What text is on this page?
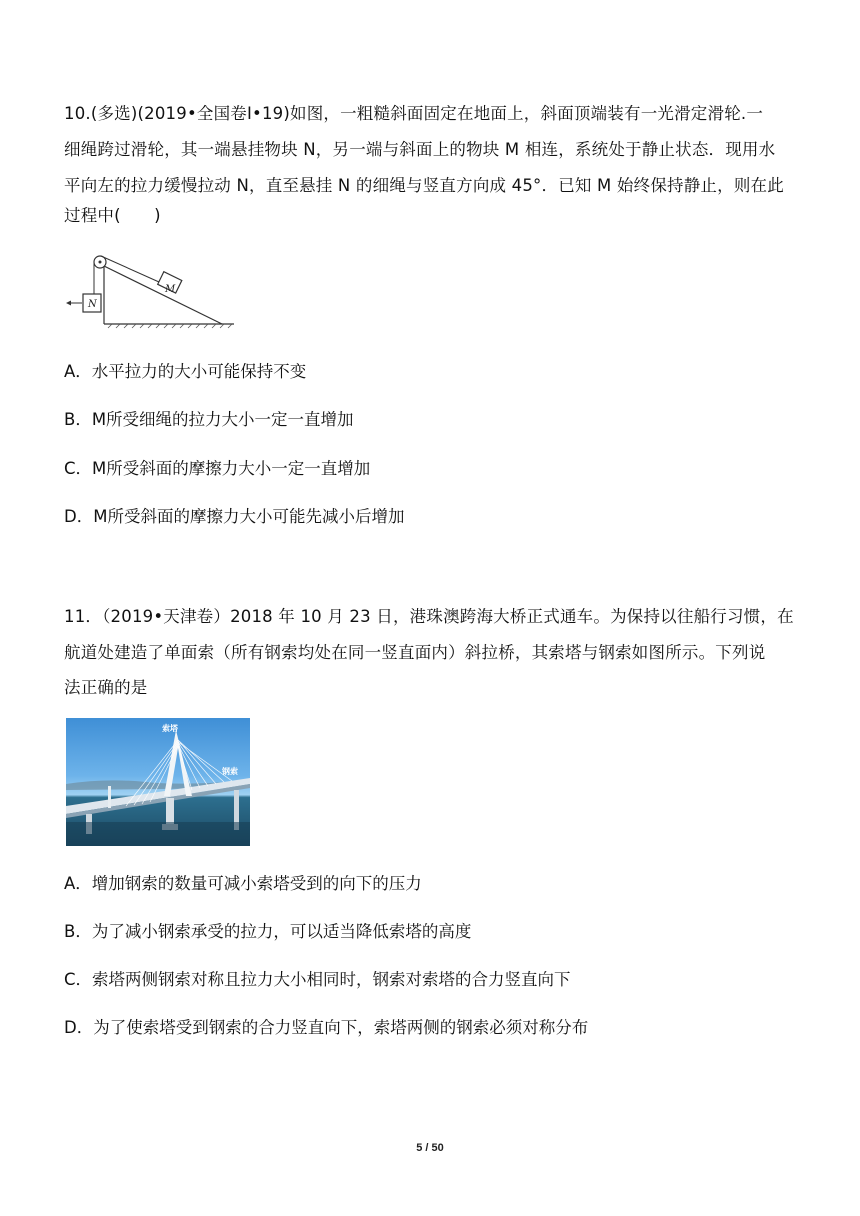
10.(多选)(2019•全国卷Ⅰ•19)如图，一粗糙斜面固定在地面上，斜面顶端装有一光滑定滑轮.一
细绳跨过滑轮，其一端悬挂物块 N，另一端与斜面上的物块 M 相连，系统处于静止状态．现用水
平向左的拉力缓慢拉动 N，直至悬挂 N 的细绳与竖直方向成 45°．已知 M 始终保持静止，则在此
过程中(　　)
M
N
A．水平拉力的大小可能保持不变
B．M所受细绳的拉力大小一定一直增加
C．M所受斜面的摩擦力大小一定一直增加
D．M所受斜面的摩擦力大小可能先减小后增加
11．（2019•天津卷）2018 年 10 月 23 日，港珠澳跨海大桥正式通车。为保持以往船行习惯，在
航道处建造了单面索（所有钢索均处在同一竖直面内）斜拉桥，其索塔与钢索如图所示。下列说
法正确的是
索塔
钢索
A．增加钢索的数量可减小索塔受到的向下的压力
B．为了减小钢索承受的拉力，可以适当降低索塔的高度
C．索塔两侧钢索对称且拉力大小相同时，钢索对索塔的合力竖直向下
D．为了使索塔受到钢索的合力竖直向下，索塔两侧的钢索必须对称分布
5 / 50
